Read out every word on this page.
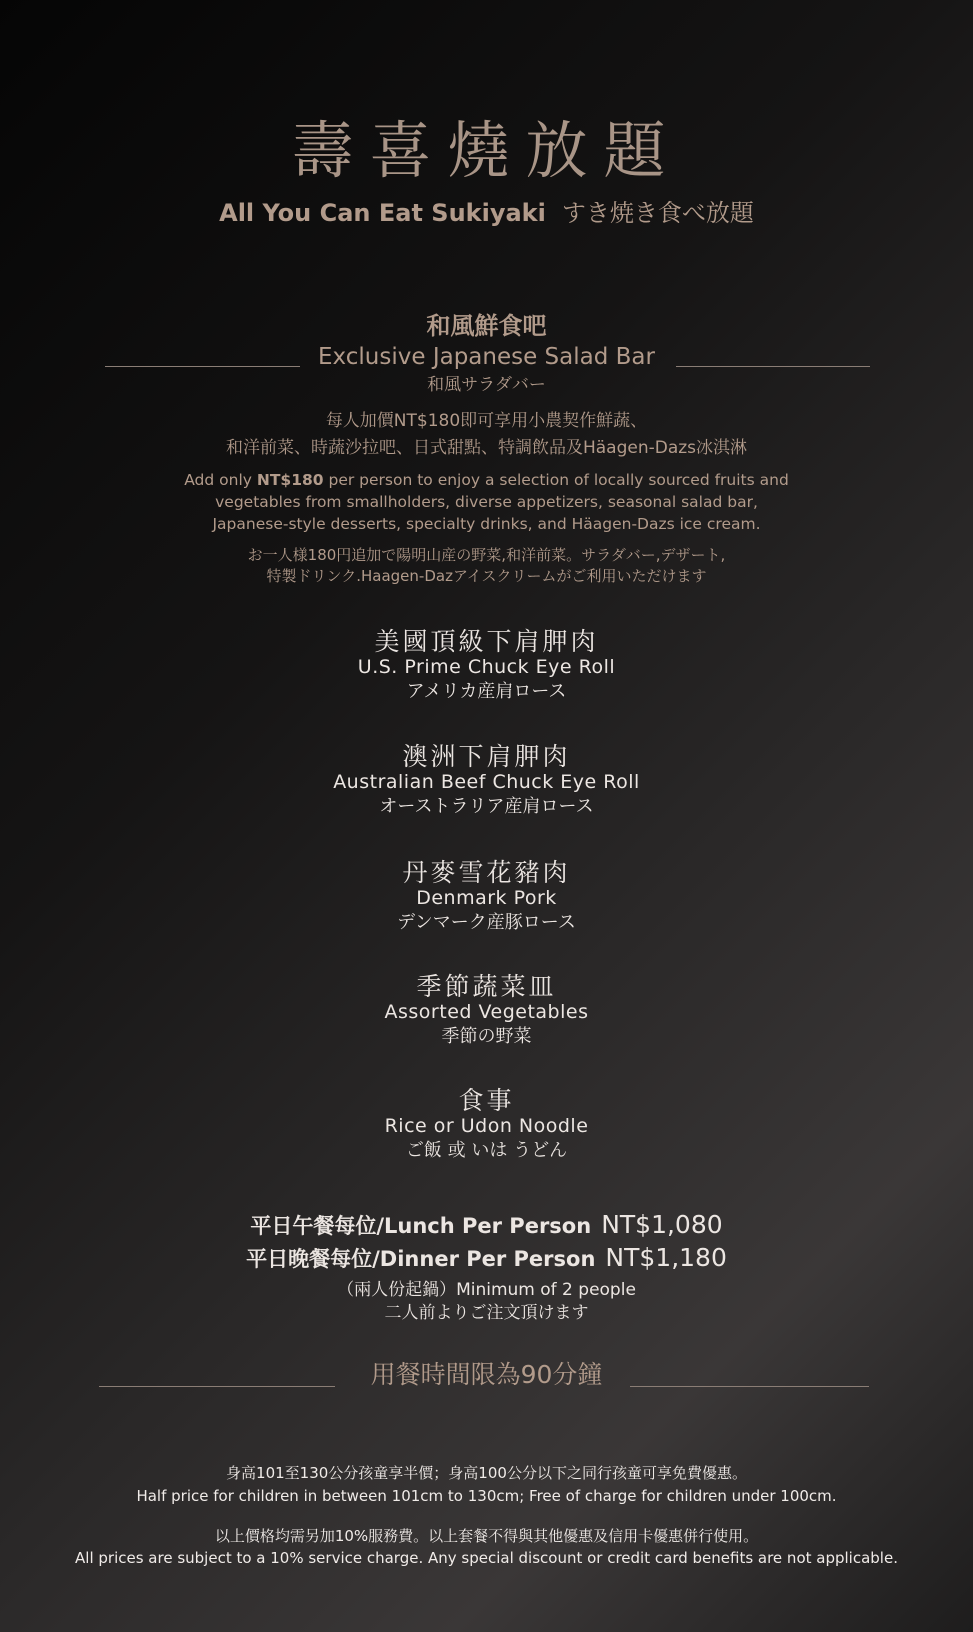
壽喜燒放題
All You Can Eat Sukiyaki すき焼き食べ放題
和風鮮食吧
Exclusive Japanese Salad Bar
和風サラダバー
每人加價NT$180即可享用小農契作鮮蔬、
和洋前菜、時蔬沙拉吧、日式甜點、特調飲品及Häagen-Dazs冰淇淋
Add only NT$180 per person to enjoy a selection of locally sourced fruits and
vegetables from smallholders, diverse appetizers, seasonal salad bar,
Japanese-style desserts, specialty drinks, and Häagen-Dazs ice cream.
お一人様180円追加で陽明山産の野菜,和洋前菜。サラダバー,デザート,
特製ドリンク.Haagen-Dazアイスクリームがご利用いただけます
美國頂級下肩胛肉
U.S. Prime Chuck Eye Roll
アメリカ産肩ロース
澳洲下肩胛肉
Australian Beef Chuck Eye Roll
オーストラリア産肩ロース
丹麥雪花豬肉
Denmark Pork
デンマーク産豚ロース
季節蔬菜皿
Assorted Vegetables
季節の野菜
食事
Rice or Udon Noodle
ご飯 或 いは うどん
平日午餐每位/Lunch Per Person NT$1,080
平日晚餐每位/Dinner Per Person NT$1,180
（兩人份起鍋）Minimum of 2 people
二人前よりご注文頂けます
用餐時間限為90分鐘
身高101至130公分孩童享半價；身高100公分以下之同行孩童可享免費優惠。
Half price for children in between 101cm to 130cm; Free of charge for children under 100cm.
以上價格均需另加10%服務費。以上套餐不得與其他優惠及信用卡優惠併行使用。
All prices are subject to a 10% service charge. Any special discount or credit card benefits are not applicable.
